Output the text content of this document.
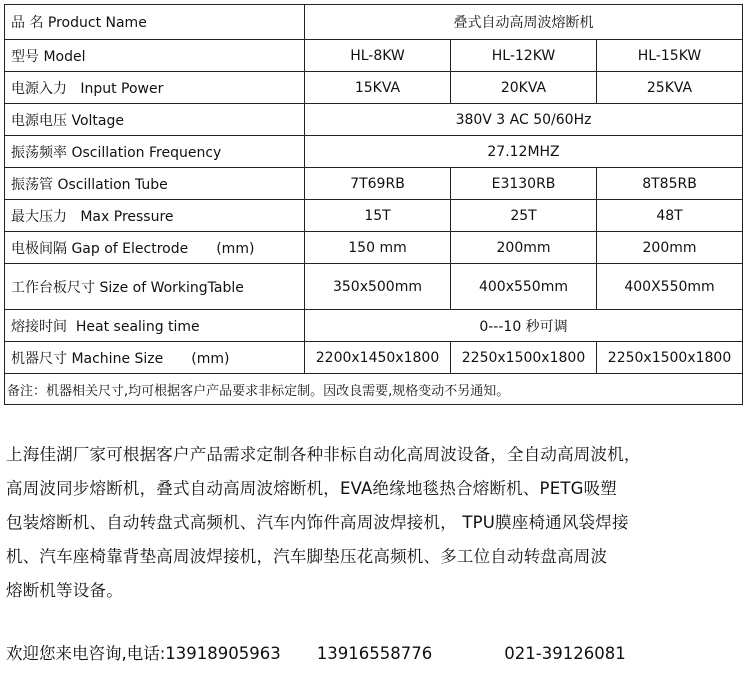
品 名 Product Name	叠式自动高周波熔断机		
型号 Model	HL-8KW	HL-12KW	HL-15KW
电源入力   Input Power	15KVA	20KVA	25KVA
电源电压 Voltage	380V 3 AC 50/60Hz		
振荡频率 Oscillation Frequency	27.12MHZ		
振荡管 Oscillation Tube	7T69RB	E3130RB	8T85RB
最大压力   Max Pressure	15T	25T	48T
电极间隔 Gap of Electrode (mm)	150 mm	200mm	200mm
工作台板尺寸 Size of WorkingTable	350x500mm	400x550mm	400X550mm
熔接时间  Heat sealing time	0---10 秒可调		
机器尺寸 Machine Size (mm)	2200x1450x1800	2250x1500x1800	2250x1500x1800
备注：机器相关尺寸,均可根据客户产品要求非标定制。因改良需要,规格变动不另通知。			

上海佳湖厂家可根据客户产品需求定制各种非标自动化高周波设备，全自动高周波机，

高周波同步熔断机，叠式自动高周波熔断机，EVA绝缘地毯热合熔断机、PETG吸塑

包装熔断机、自动转盘式高频机、汽车内饰件高周波焊接机， TPU膜座椅通风袋焊接

机、汽车座椅靠背垫高周波焊接机，汽车脚垫压花高频机、多工位自动转盘高周波

熔断机等设备。

欢迎您来电咨询,电话:13918905963 13916558776	021-39126081
